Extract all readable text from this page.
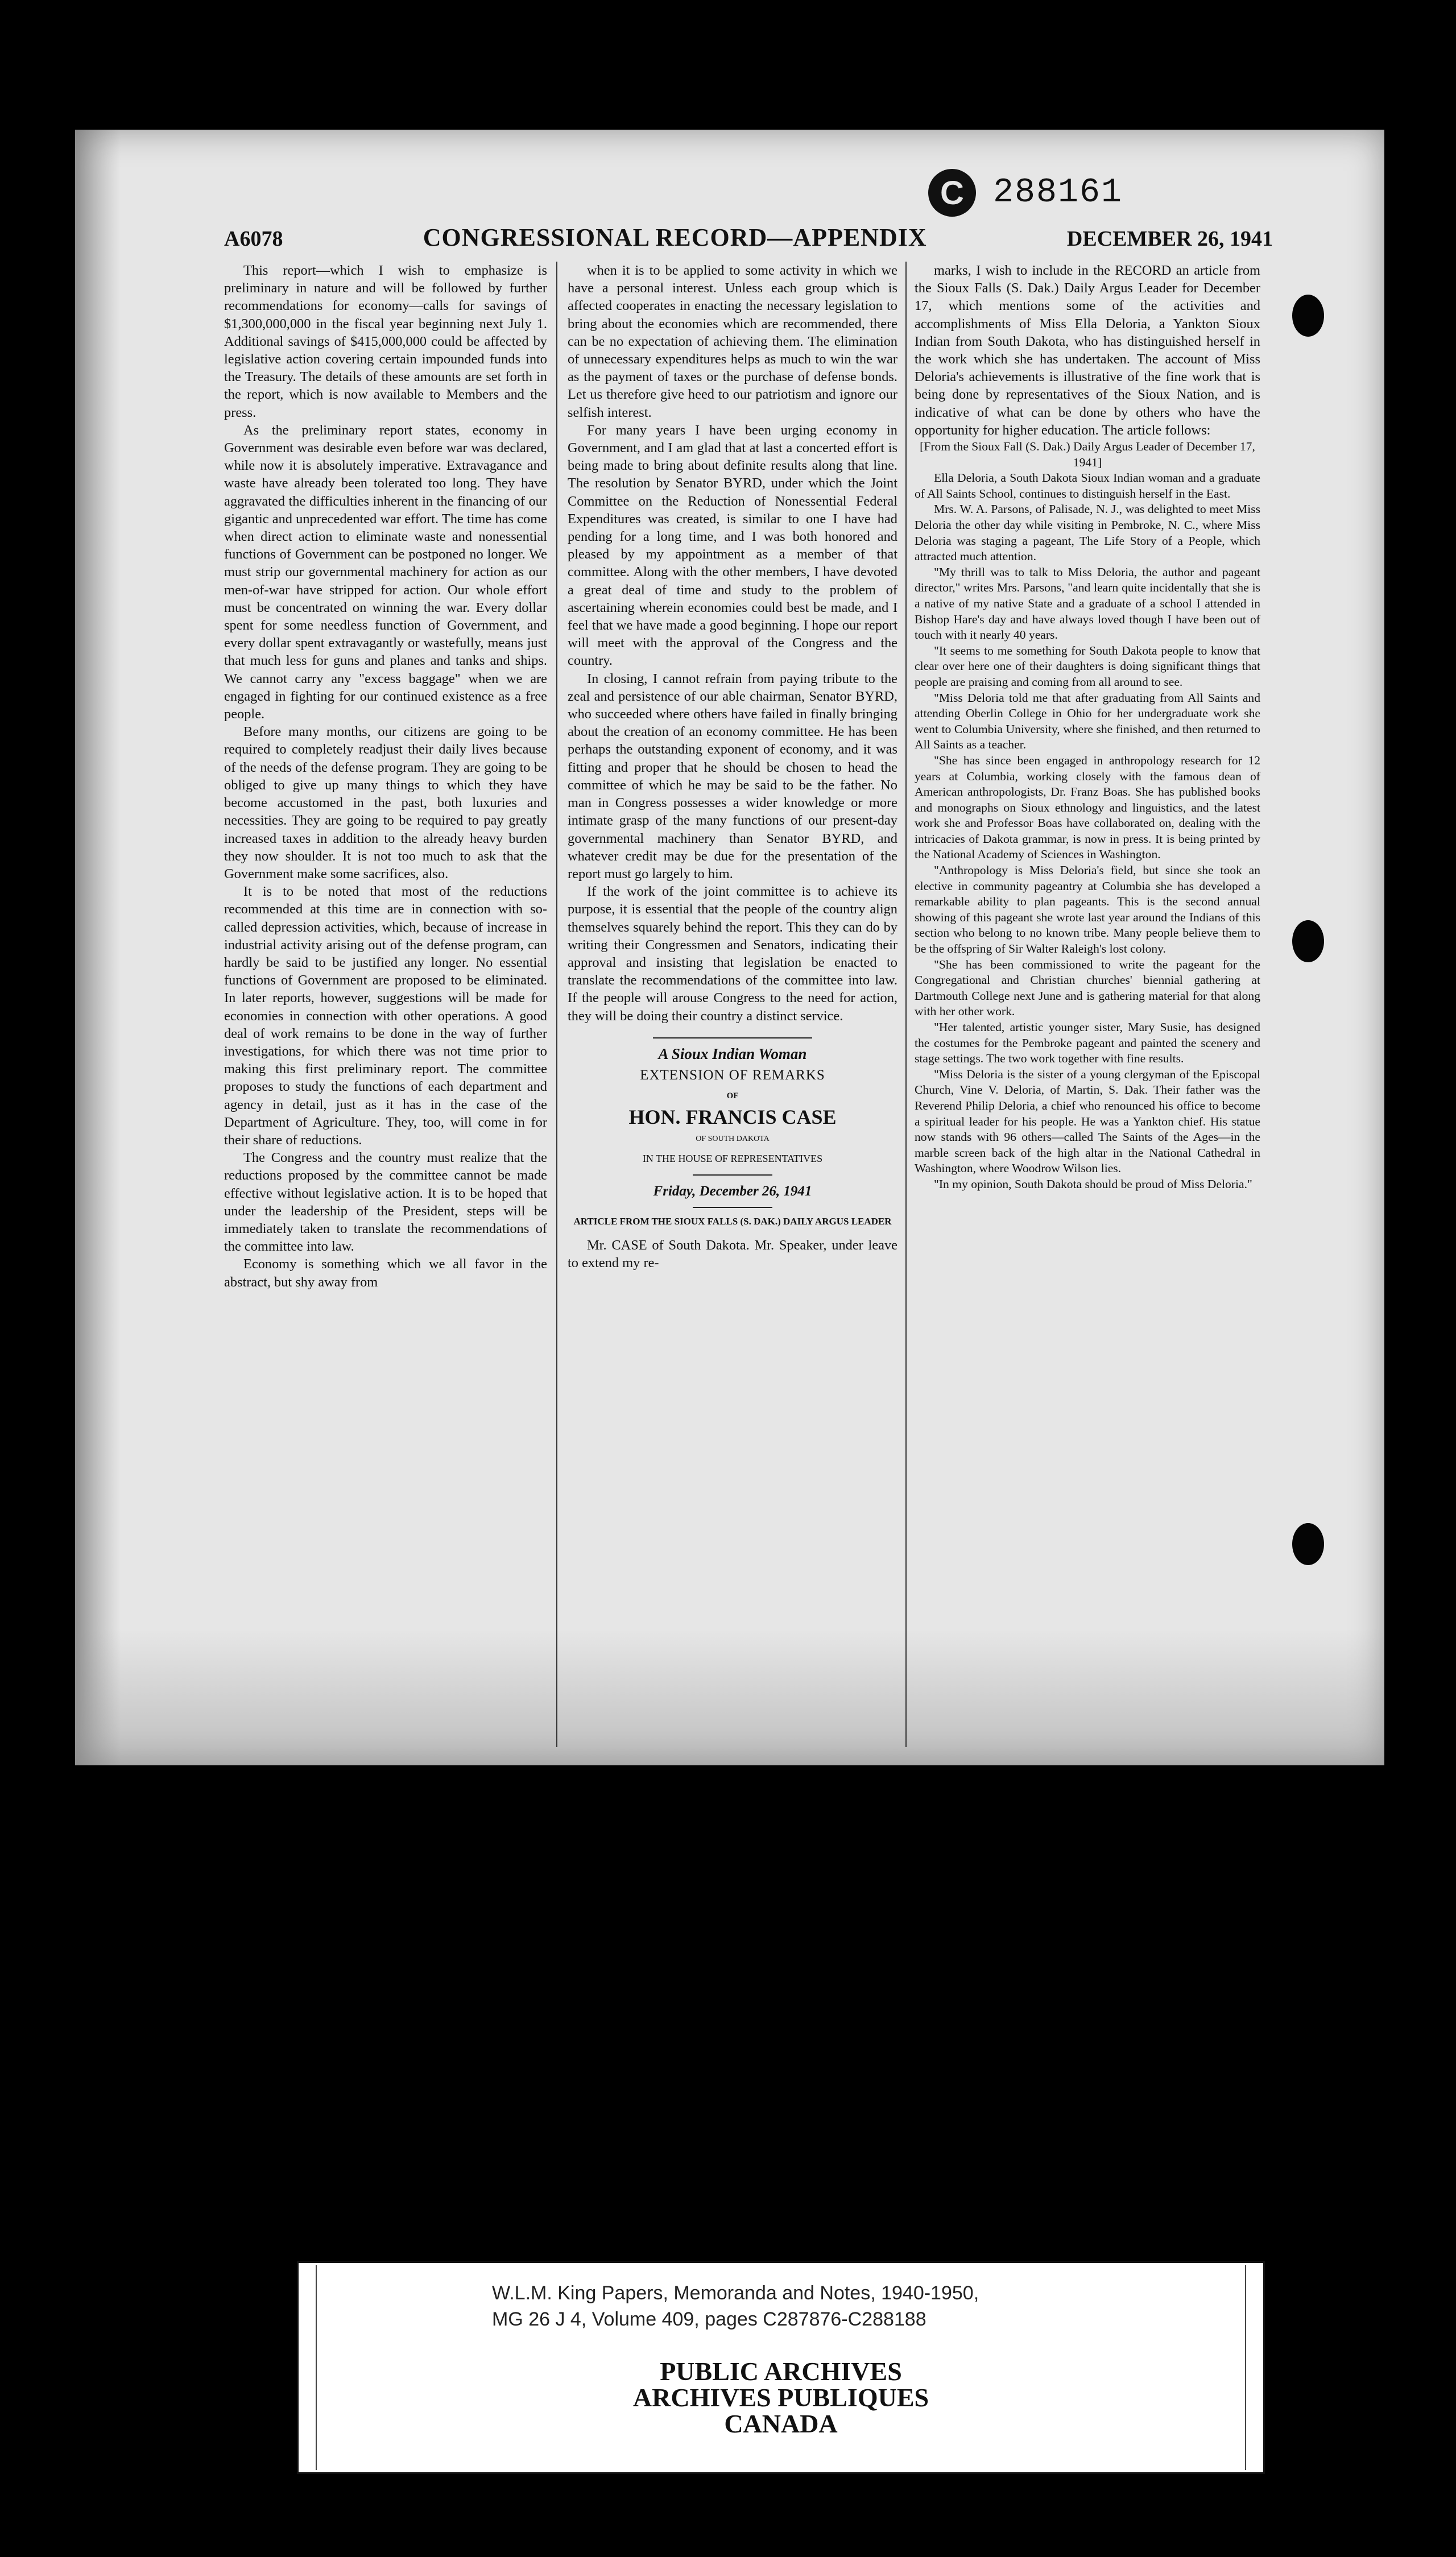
C 288161
A6078	CONGRESSIONAL RECORD—APPENDIX	DECEMBER 26, 1941

This report—which I wish to emphasize is preliminary in nature and will be followed by further recommendations for economy—calls for savings of $1,300,000,000 in the fiscal year beginning next July 1. Additional savings of $415,000,000 could be affected by legislative action covering certain impounded funds into the Treasury. The details of these amounts are set forth in the report, which is now available to Members and the press.

As the preliminary report states, economy in Government was desirable even before war was declared, while now it is absolutely imperative. Extravagance and waste have already been tolerated too long. They have aggravated the difficulties inherent in the financing of our gigantic and unprecedented war effort. The time has come when direct action to eliminate waste and nonessential functions of Government can be postponed no longer. We must strip our governmental machinery for action as our men-of-war have stripped for action. Our whole effort must be concentrated on winning the war. Every dollar spent for some needless function of Government, and every dollar spent extravagantly or wastefully, means just that much less for guns and planes and tanks and ships. We cannot carry any "excess baggage" when we are engaged in fighting for our continued existence as a free people.

Before many months, our citizens are going to be required to completely readjust their daily lives because of the needs of the defense program. They are going to be obliged to give up many things to which they have become accustomed in the past, both luxuries and necessities. They are going to be required to pay greatly increased taxes in addition to the already heavy burden they now shoulder. It is not too much to ask that the Government make some sacrifices, also.

It is to be noted that most of the reductions recommended at this time are in connection with so-called depression activities, which, because of increase in industrial activity arising out of the defense program, can hardly be said to be justified any longer. No essential functions of Government are proposed to be eliminated. In later reports, however, suggestions will be made for economies in connection with other operations. A good deal of work remains to be done in the way of further investigations, for which there was not time prior to making this first preliminary report. The committee proposes to study the functions of each department and agency in detail, just as it has in the case of the Department of Agriculture. They, too, will come in for their share of reductions.

The Congress and the country must realize that the reductions proposed by the committee cannot be made effective without legislative action. It is to be hoped that under the leadership of the President, steps will be immediately taken to translate the recommendations of the committee into law.

Economy is something which we all favor in the abstract, but shy away from

when it is to be applied to some activity in which we have a personal interest. Unless each group which is affected cooperates in enacting the necessary legislation to bring about the economies which are recommended, there can be no expectation of achieving them. The elimination of unnecessary expenditures helps as much to win the war as the payment of taxes or the purchase of defense bonds. Let us therefore give heed to our patriotism and ignore our selfish interest.

For many years I have been urging economy in Government, and I am glad that at last a concerted effort is being made to bring about definite results along that line. The resolution by Senator BYRD, under which the Joint Committee on the Reduction of Nonessential Federal Expenditures was created, is similar to one I have had pending for a long time, and I was both honored and pleased by my appointment as a member of that committee. Along with the other members, I have devoted a great deal of time and study to the problem of ascertaining wherein economies could best be made, and I feel that we have made a good beginning. I hope our report will meet with the approval of the Congress and the country.

In closing, I cannot refrain from paying tribute to the zeal and persistence of our able chairman, Senator BYRD, who succeeded where others have failed in finally bringing about the creation of an economy committee. He has been perhaps the outstanding exponent of economy, and it was fitting and proper that he should be chosen to head the committee of which he may be said to be the father. No man in Congress possesses a wider knowledge or more intimate grasp of the many functions of our present-day governmental machinery than Senator BYRD, and whatever credit may be due for the presentation of the report must go largely to him.

If the work of the joint committee is to achieve its purpose, it is essential that the people of the country align themselves squarely behind the report. This they can do by writing their Congressmen and Senators, indicating their approval and insisting that legislation be enacted to translate the recommendations of the committee into law. If the people will arouse Congress to the need for action, they will be doing their country a distinct service.

A Sioux Indian Woman
EXTENSION OF REMARKS
OF
HON. FRANCIS CASE
OF SOUTH DAKOTA
IN THE HOUSE OF REPRESENTATIVES
Friday, December 26, 1941
ARTICLE FROM THE SIOUX FALLS (S. DAK.) DAILY ARGUS LEADER

Mr. CASE of South Dakota. Mr. Speaker, under leave to extend my re-

marks, I wish to include in the RECORD an article from the Sioux Falls (S. Dak.) Daily Argus Leader for December 17, which mentions some of the activities and accomplishments of Miss Ella Deloria, a Yankton Sioux Indian from South Dakota, who has distinguished herself in the work which she has undertaken. The account of Miss Deloria's achievements is illustrative of the fine work that is being done by representatives of the Sioux Nation, and is indicative of what can be done by others who have the opportunity for higher education. The article follows:

[From the Sioux Fall (S. Dak.) Daily Argus Leader of December 17, 1941]

Ella Deloria, a South Dakota Sioux Indian woman and a graduate of All Saints School, continues to distinguish herself in the East.

Mrs. W. A. Parsons, of Palisade, N. J., was delighted to meet Miss Deloria the other day while visiting in Pembroke, N. C., where Miss Deloria was staging a pageant, The Life Story of a People, which attracted much attention.

"My thrill was to talk to Miss Deloria, the author and pageant director," writes Mrs. Parsons, "and learn quite incidentally that she is a native of my native State and a graduate of a school I attended in Bishop Hare's day and have always loved though I have been out of touch with it nearly 40 years.

"It seems to me something for South Dakota people to know that clear over here one of their daughters is doing significant things that people are praising and coming from all around to see.

"Miss Deloria told me that after graduating from All Saints and attending Oberlin College in Ohio for her undergraduate work she went to Columbia University, where she finished, and then returned to All Saints as a teacher.

"She has since been engaged in anthropology research for 12 years at Columbia, working closely with the famous dean of American anthropologists, Dr. Franz Boas. She has published books and monographs on Sioux ethnology and linguistics, and the latest work she and Professor Boas have collaborated on, dealing with the intricacies of Dakota grammar, is now in press. It is being printed by the National Academy of Sciences in Washington.

"Anthropology is Miss Deloria's field, but since she took an elective in community pageantry at Columbia she has developed a remarkable ability to plan pageants. This is the second annual showing of this pageant she wrote last year around the Indians of this section who belong to no known tribe. Many people believe them to be the offspring of Sir Walter Raleigh's lost colony.

"She has been commissioned to write the pageant for the Congregational and Christian churches' biennial gathering at Dartmouth College next June and is gathering material for that along with her other work.

"Her talented, artistic younger sister, Mary Susie, has designed the costumes for the Pembroke pageant and painted the scenery and stage settings. The two work together with fine results.

"Miss Deloria is the sister of a young clergyman of the Episcopal Church, Vine V. Deloria, of Martin, S. Dak. Their father was the Reverend Philip Deloria, a chief who renounced his office to become a spiritual leader for his people. He was a Yankton chief. His statue now stands with 96 others—called The Saints of the Ages—in the marble screen back of the high altar in the National Cathedral in Washington, where Woodrow Wilson lies.

"In my opinion, South Dakota should be proud of Miss Deloria."

W.L.M. King Papers, Memoranda and Notes, 1940-1950,
MG 26 J 4, Volume 409, pages C287876-C288188
PUBLIC ARCHIVES
ARCHIVES PUBLIQUES
CANADA
